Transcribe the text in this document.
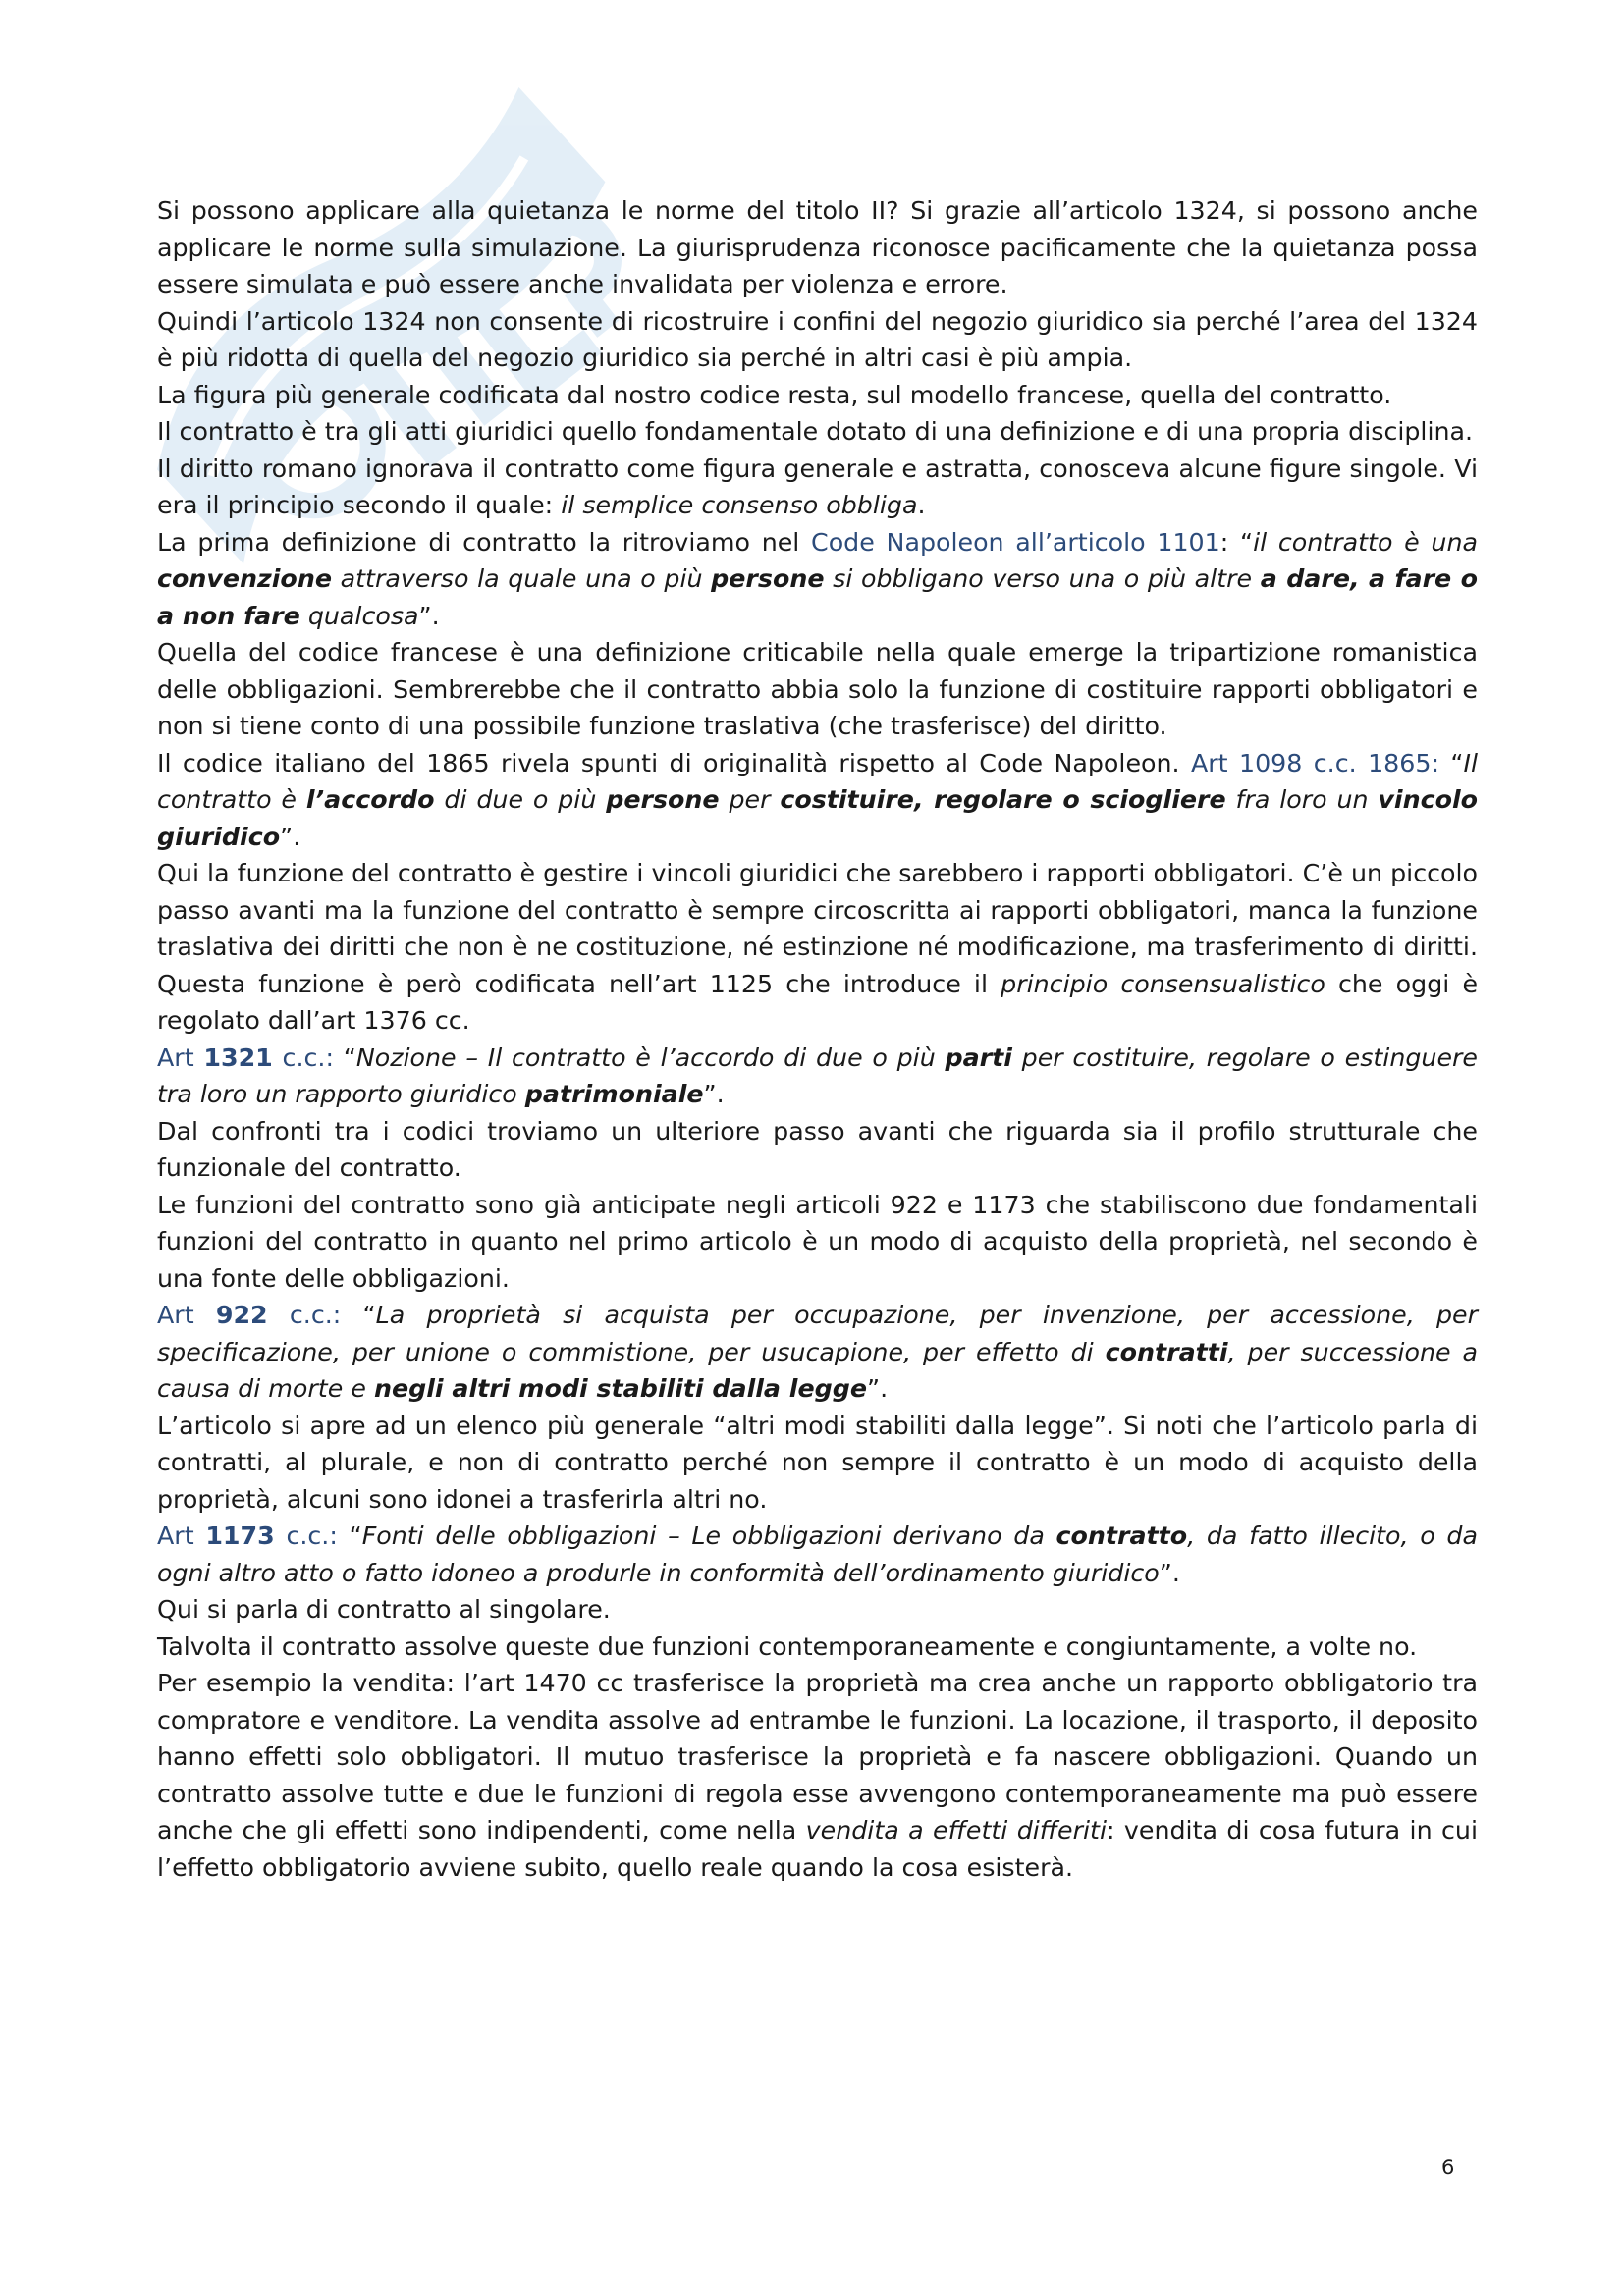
Si possono applicare alla quietanza le norme del titolo II? Si grazie all’articolo 1324, si possono anche applicare le norme sulla simulazione. La giurisprudenza riconosce pacificamente che la quietanza possa essere simulata e può essere anche invalidata per violenza e errore.

Quindi l’articolo 1324 non consente di ricostruire i confini del negozio giuridico sia perché l’area del 1324 è più ridotta di quella del negozio giuridico sia perché in altri casi è più ampia.

La figura più generale codificata dal nostro codice resta, sul modello francese, quella del contratto.

Il contratto è tra gli atti giuridici quello fondamentale dotato di una definizione e di una propria disciplina.

Il diritto romano ignorava il contratto come figura generale e astratta, conosceva alcune figure singole. Vi era il principio secondo il quale: il semplice consenso obbliga.

La prima definizione di contratto la ritroviamo nel Code Napoleon all’articolo 1101: “il contratto è una convenzione attraverso la quale una o più persone si obbligano verso una o più altre a dare, a fare o a non fare qualcosa”.

Quella del codice francese è una definizione criticabile nella quale emerge la tripartizione romanistica delle obbligazioni. Sembrerebbe che il contratto abbia solo la funzione di costituire rapporti obbligatori e non si tiene conto di una possibile funzione traslativa (che trasferisce) del diritto.

Il codice italiano del 1865 rivela spunti di originalità rispetto al Code Napoleon. Art 1098 c.c. 1865: “Il contratto è l’accordo di due o più persone per costituire, regolare o sciogliere fra loro un vincolo giuridico”.

Qui la funzione del contratto è gestire i vincoli giuridici che sarebbero i rapporti obbligatori. C’è un piccolo passo avanti ma la funzione del contratto è sempre circoscritta ai rapporti obbligatori, manca la funzione traslativa dei diritti che non è ne costituzione, né estinzione né modificazione, ma trasferimento di diritti. Questa funzione è però codificata nell’art 1125 che introduce il principio consensualistico che oggi è regolato dall’art 1376 cc.

Art 1321 c.c.: “Nozione – Il contratto è l’accordo di due o più parti per costituire, regolare o estinguere tra loro un rapporto giuridico patrimoniale”.

Dal confronti tra i codici troviamo un ulteriore passo avanti che riguarda sia il profilo strutturale che funzionale del contratto.

Le funzioni del contratto sono già anticipate negli articoli 922 e 1173 che stabiliscono due fondamentali funzioni del contratto in quanto nel primo articolo è un modo di acquisto della proprietà, nel secondo è una fonte delle obbligazioni.

Art 922 c.c.: “La proprietà si acquista per occupazione, per invenzione, per accessione, per specificazione, per unione o commistione, per usucapione, per effetto di contratti, per successione a causa di morte e negli altri modi stabiliti dalla legge”.

L’articolo si apre ad un elenco più generale “altri modi stabiliti dalla legge”. Si noti che l’articolo parla di contratti, al plurale, e non di contratto perché non sempre il contratto è un modo di acquisto della proprietà, alcuni sono idonei a trasferirla altri no.

Art 1173 c.c.: “Fonti delle obbligazioni – Le obbligazioni derivano da contratto, da fatto illecito, o da ogni altro atto o fatto idoneo a produrle in conformità dell’ordinamento giuridico”.

Qui si parla di contratto al singolare.

Talvolta il contratto assolve queste due funzioni contemporaneamente e congiuntamente, a volte no.

Per esempio la vendita: l’art 1470 cc trasferisce la proprietà ma crea anche un rapporto obbligatorio tra compratore e venditore. La vendita assolve ad entrambe le funzioni. La locazione, il trasporto, il deposito hanno effetti solo obbligatori. Il mutuo trasferisce la proprietà e fa nascere obbligazioni. Quando un contratto assolve tutte e due le funzioni di regola esse avvengono contemporaneamente ma può essere anche che gli effetti sono indipendenti, come nella vendita a effetti differiti: vendita di cosa futura in cui l’effetto obbligatorio avviene subito, quello reale quando la cosa esisterà.

6
